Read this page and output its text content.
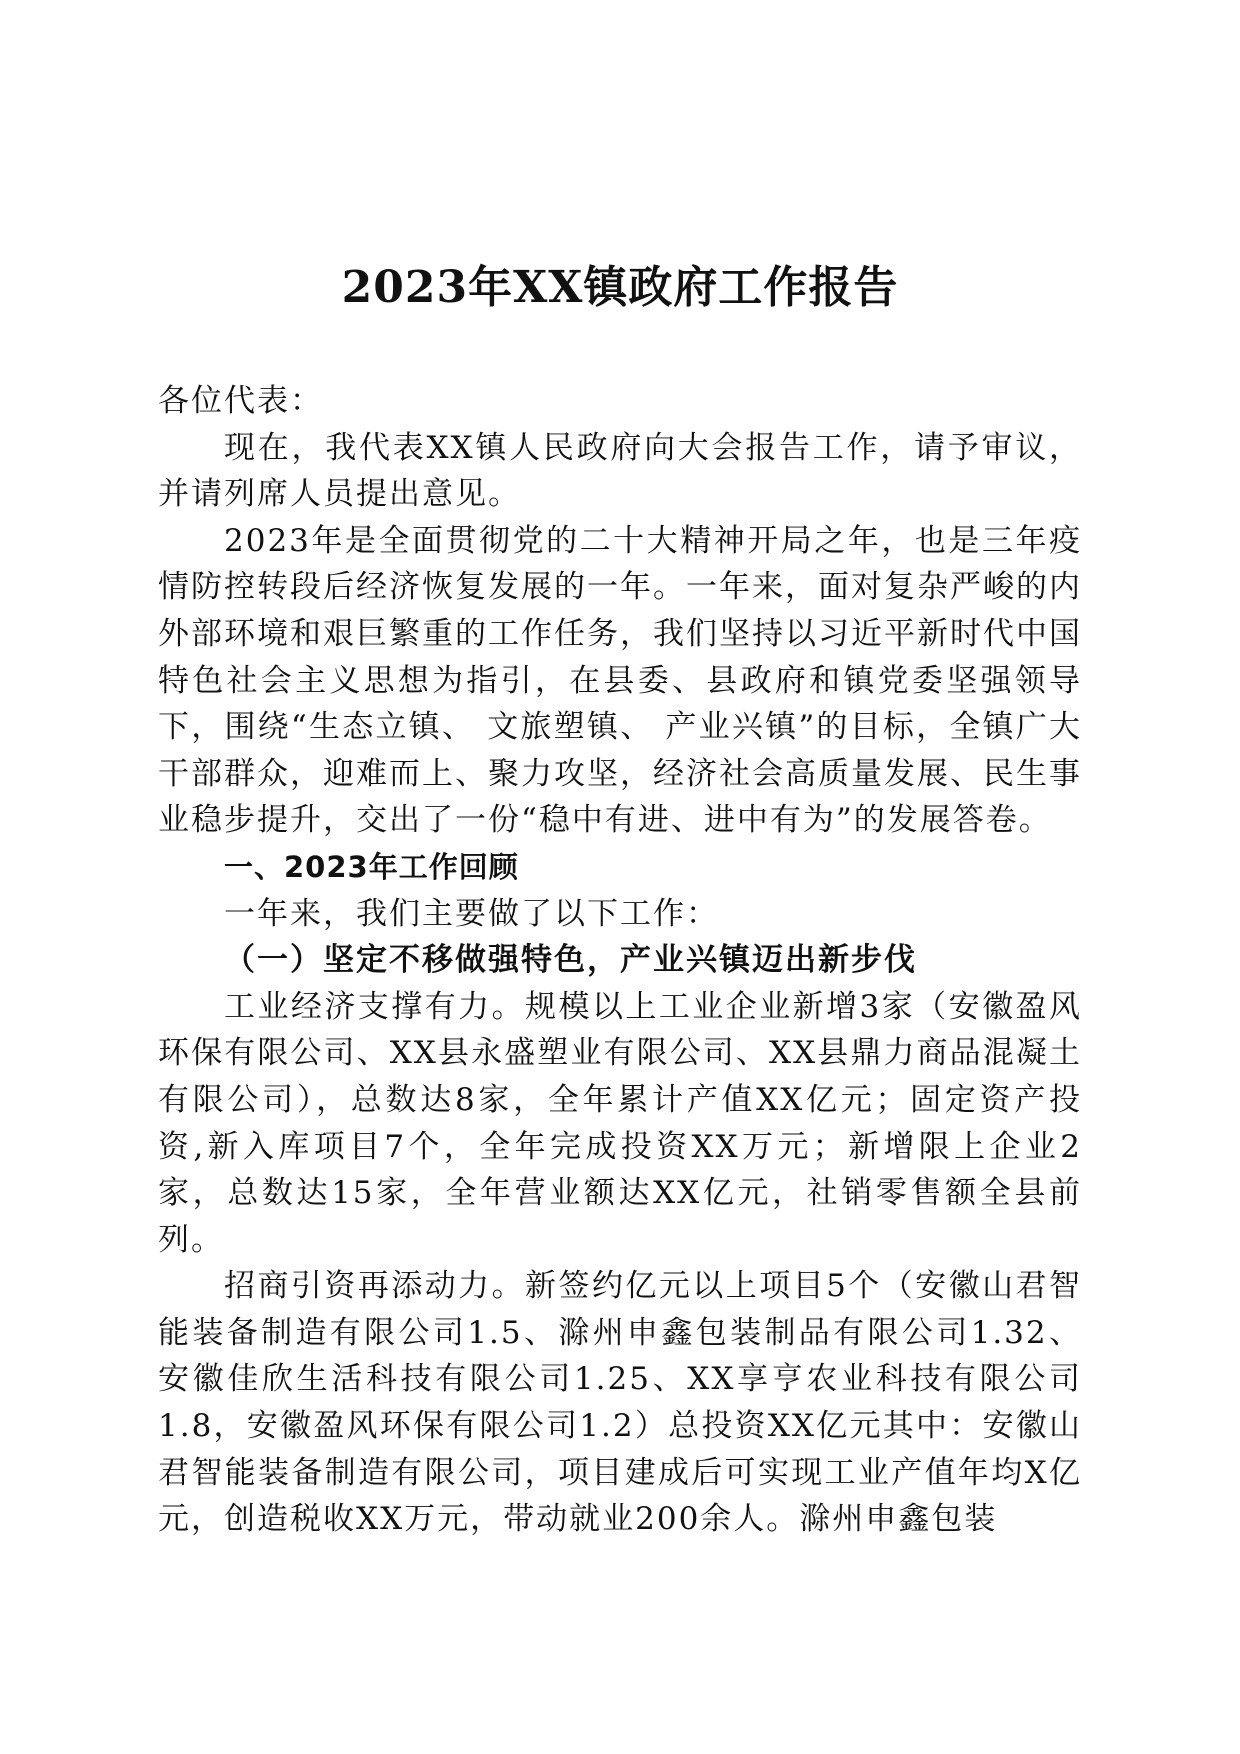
2023年XX镇政府工作报告

各位代表：

现在，我代表XX镇人民政府向大会报告工作，请予审议，并请列席人员提出意见。

2023年是全面贯彻党的二十大精神开局之年，也是三年疫情防控转段后经济恢复发展的一年。一年来，面对复杂严峻的内外部环境和艰巨繁重的工作任务，我们坚持以习近平新时代中国特色社会主义思想为指引，在县委、县政府和镇党委坚强领导下，围绕“生态立镇、 文旅塑镇、 产业兴镇”的目标，全镇广大干部群众，迎难而上、聚力攻坚，经济社会高质量发展、民生事业稳步提升，交出了一份“稳中有进、进中有为”的发展答卷。

一、2023年工作回顾

一年来，我们主要做了以下工作：

（一）坚定不移做强特色，产业兴镇迈出新步伐

工业经济支撑有力。规模以上工业企业新增3家（安徽盈风环保有限公司、XX县永盛塑业有限公司、XX县鼎力商品混凝土有限公司），总数达8家，全年累计产值XX亿元；固定资产投资,新入库项目7个，全年完成投资XX万元；新增限上企业2家，总数达15家，全年营业额达XX亿元，社销零售额全县前列。

招商引资再添动力。新签约亿元以上项目5个（安徽山君智能装备制造有限公司1.5、滁州申鑫包装制品有限公司1.32、安徽佳欣生活科技有限公司1.25、XX享亨农业科技有限公司1.8，安徽盈风环保有限公司1.2）总投资XX亿元其中：安徽山君智能装备制造有限公司，项目建成后可实现工业产值年均X亿元，创造税收XX万元，带动就业200余人。滁州申鑫包装
